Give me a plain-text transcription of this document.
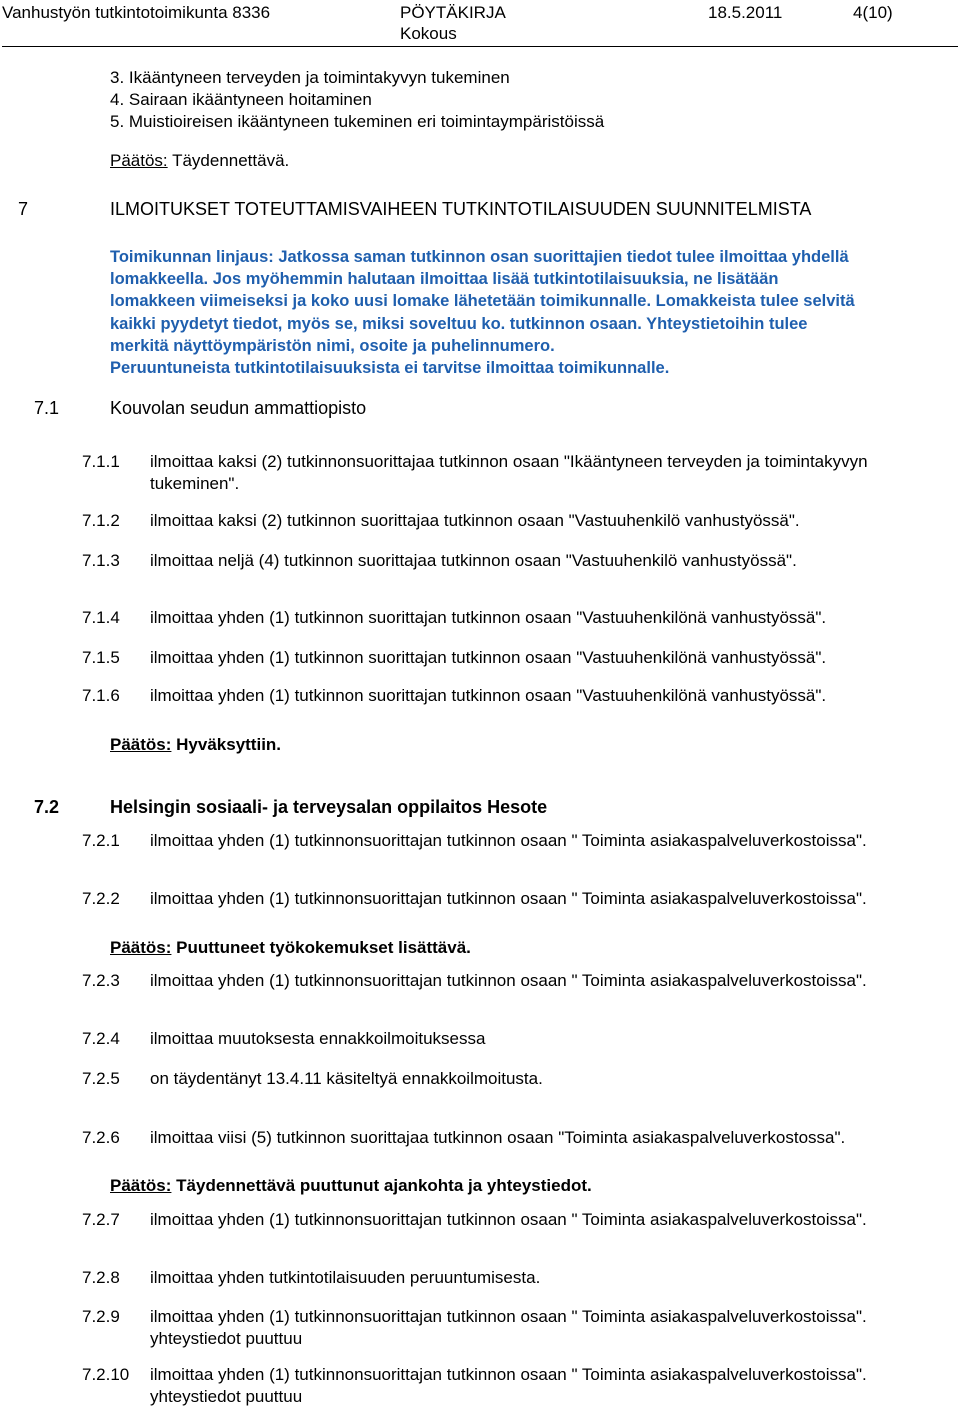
Vanhustyön tutkintotoimikunta 8336	PÖYTÄKIRJA
Kokous
18.5.2011	4(10)
3. Ikääntyneen terveyden ja toimintakyvyn tukeminen
4. Sairaan ikääntyneen hoitaminen
5. Muistioireisen ikääntyneen tukeminen eri toimintaympäristöissä
Päätös: Täydennettävä.
7	ILMOITUKSET TOTEUTTAMISVAIHEEN TUTKINTOTILAISUUDEN SUUNNITELMISTA

Toimikunnan linjaus: Jatkossa saman tutkinnon osan suorittajien tiedot tulee ilmoittaa yhdellä

lomakkeella. Jos myöhemmin halutaan ilmoittaa lisää tutkintotilaisuuksia, ne lisätään

lomakkeen viimeiseksi ja koko uusi lomake lähetetään toimikunnalle. Lomakkeista tulee selvitä

kaikki pyydetyt tiedot, myös se, miksi soveltuu ko. tutkinnon osaan. Yhteystietoihin tulee

merkitä näyttöympäristön nimi, osoite ja puhelinnumero.

Peruuntuneista tutkintotilaisuuksista ei tarvitse ilmoittaa toimikunnalle.

7.1	Kouvolan seudun ammattiopisto
7.1.1 ilmoittaa kaksi (2) tutkinnonsuorittajaa tutkinnon osaan "Ikääntyneen terveyden ja toimintakyvyn
tukeminen".
7.1.2 ilmoittaa kaksi (2) tutkinnon suorittajaa tutkinnon osaan "Vastuuhenkilö vanhustyössä".
7.1.3 ilmoittaa neljä (4) tutkinnon suorittajaa tutkinnon osaan "Vastuuhenkilö vanhustyössä".
7.1.4 ilmoittaa yhden (1) tutkinnon suorittajan tutkinnon osaan "Vastuuhenkilönä vanhustyössä".
7.1.5 ilmoittaa yhden (1) tutkinnon suorittajan tutkinnon osaan "Vastuuhenkilönä vanhustyössä".
7.1.6 ilmoittaa yhden (1) tutkinnon suorittajan tutkinnon osaan "Vastuuhenkilönä vanhustyössä".
Päätös: Hyväksyttiin.
7.2	Helsingin sosiaali- ja terveysalan oppilaitos Hesote
7.2.1 ilmoittaa yhden (1) tutkinnonsuorittajan tutkinnon osaan " Toiminta asiakaspalveluverkostoissa".
7.2.2 ilmoittaa yhden (1) tutkinnonsuorittajan tutkinnon osaan " Toiminta asiakaspalveluverkostoissa".
Päätös: Puuttuneet työkokemukset lisättävä.
7.2.3 ilmoittaa yhden (1) tutkinnonsuorittajan tutkinnon osaan " Toiminta asiakaspalveluverkostoissa".
7.2.4 ilmoittaa muutoksesta ennakkoilmoituksessa
7.2.5 on täydentänyt 13.4.11 käsiteltyä ennakkoilmoitusta.
7.2.6 ilmoittaa viisi (5) tutkinnon suorittajaa tutkinnon osaan "Toiminta asiakaspalveluverkostossa".
Päätös: Täydennettävä puuttunut ajankohta ja yhteystiedot.
7.2.7 ilmoittaa yhden (1) tutkinnonsuorittajan tutkinnon osaan " Toiminta asiakaspalveluverkostoissa".
7.2.8 ilmoittaa yhden tutkintotilaisuuden peruuntumisesta.
7.2.9 ilmoittaa yhden (1) tutkinnonsuorittajan tutkinnon osaan " Toiminta asiakaspalveluverkostoissa".
yhteystiedot puuttuu
7.2.10 ilmoittaa yhden (1) tutkinnonsuorittajan tutkinnon osaan " Toiminta asiakaspalveluverkostoissa".
yhteystiedot puuttuu
